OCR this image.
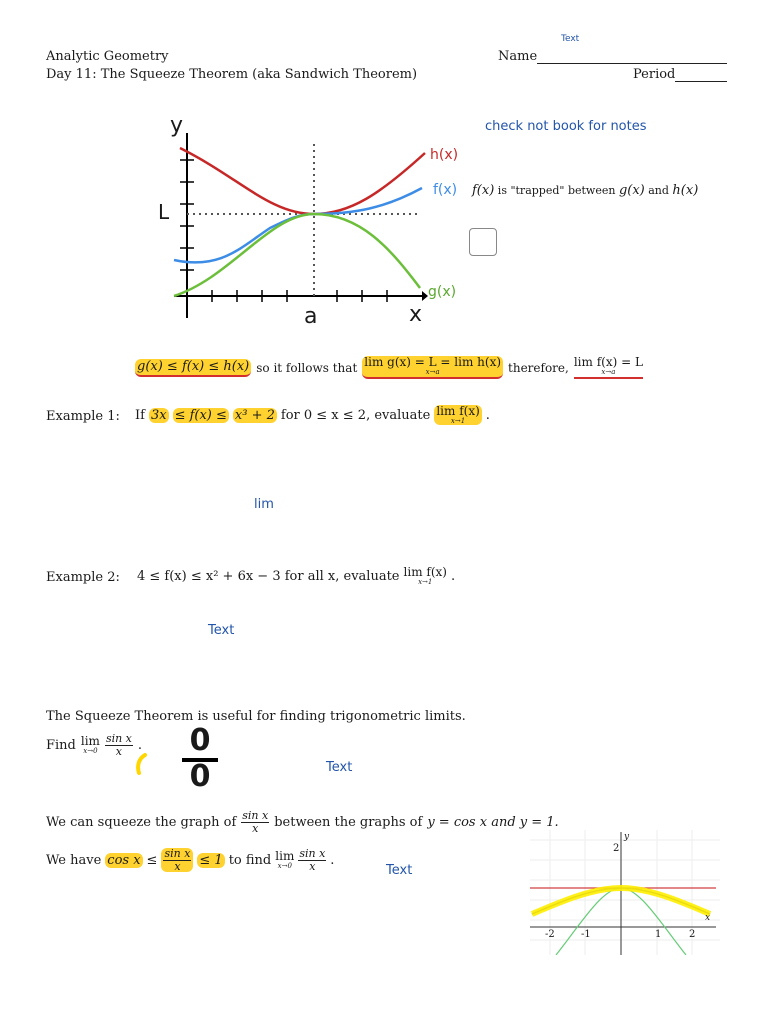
Text
Analytic Geometry
Day 11: The Squeeze Theorem (aka Sandwich Theorem)
Name
Period
y
L
a	x
h(x)
f(x)
g(x)
check not book for notes
f(x) is "trapped" between g(x) and h(x)
g(x) ≤ f(x) ≤ h(x) so it follows that lim g(x) = L = lim h(x)
x→a	therefore, lim f(x) = L
x→a
Example 1: If 3x ≤ f(x) ≤ x³ + 2 for 0 ≤ x ≤ 2, evaluate lim f(x)
x→1 .
lim
Example 2: 4 ≤ f(x) ≤ x² + 6x − 3 for all x, evaluate lim f(x)
x→1 .
Text
The Squeeze Theorem is useful for finding trigonometric limits.
Find lim
$x\to 0 \frac{\text{sin x}}{x}$ .	0
0	Text
We can squeeze the graph of $\frac{\text{sin x}}{x}$ between the graphs of y = cos x and y = 1.
We have $\cos x \le \frac{\text{sin x}}{x} \le 1$ to find lim
$x\to 0 \frac{\text{sin x}}{x}$ .
Text
y
2
-2	-1	1	2
x
